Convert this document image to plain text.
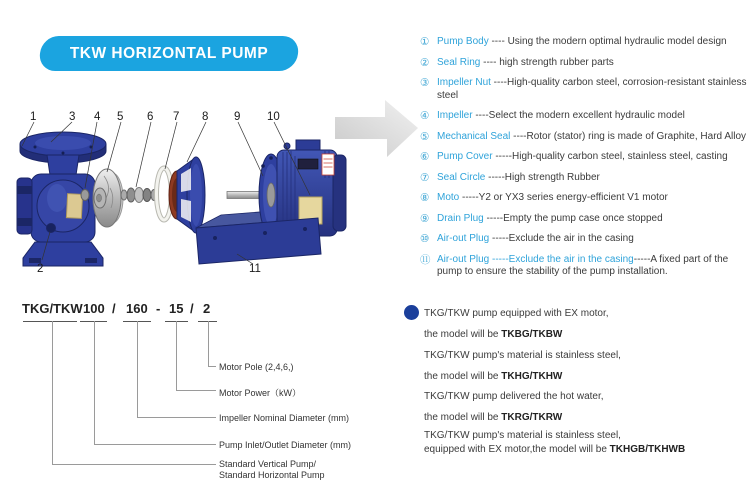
TKW HORIZONTAL PUMP
1	3 4 5 6 7 8 9 10
2	11
① Pump Body ---- Using the modern optimal hydraulic model design
② Seal Ring ---- high strength rubber parts
③ Impeller Nut ----High-quality carbon steel, corrosion-resistant stainless steel
④ Impeller ----Select the modern excellent hydraulic model
⑤ Mechanical Seal ----Rotor (stator) ring is made of Graphite, Hard Alloy
⑥ Pump Cover -----High-quality carbon steel, stainless steel, casting
⑦ Seal Circle -----High strength Rubber
⑧ Moto -----Y2 or YX3 series energy-efficient V1 motor
⑨ Drain Plug -----Empty the pump case once stopped
⑩ Air-out Plug -----Exclude the air in the casing
⑪ Air-out Plug -----Exclude the air in the casing-----A fixed part of the pump to ensure the stability of the pump installation.
TKG/TKW 100 / 160 - 15 / 2
Motor Pole (2,4,6,)
Motor Power（kW）
Impeller Nominal Diameter (mm)
Pump Inlet/Outlet Diameter (mm)
Standard Vertical Pump/
Standard Horizontal Pump
TKG/TKW pump equipped with EX motor,
the model will be TKBG/TKBW
TKG/TKW pump's material is stainless steel,
the model will be TKHG/TKHW
TKG/TKW pump delivered the hot water,
the model will be TKRG/TKRW
TKG/TKW pump's material is stainless steel,
equipped with EX motor,the model will be TKHGB/TKHWB
